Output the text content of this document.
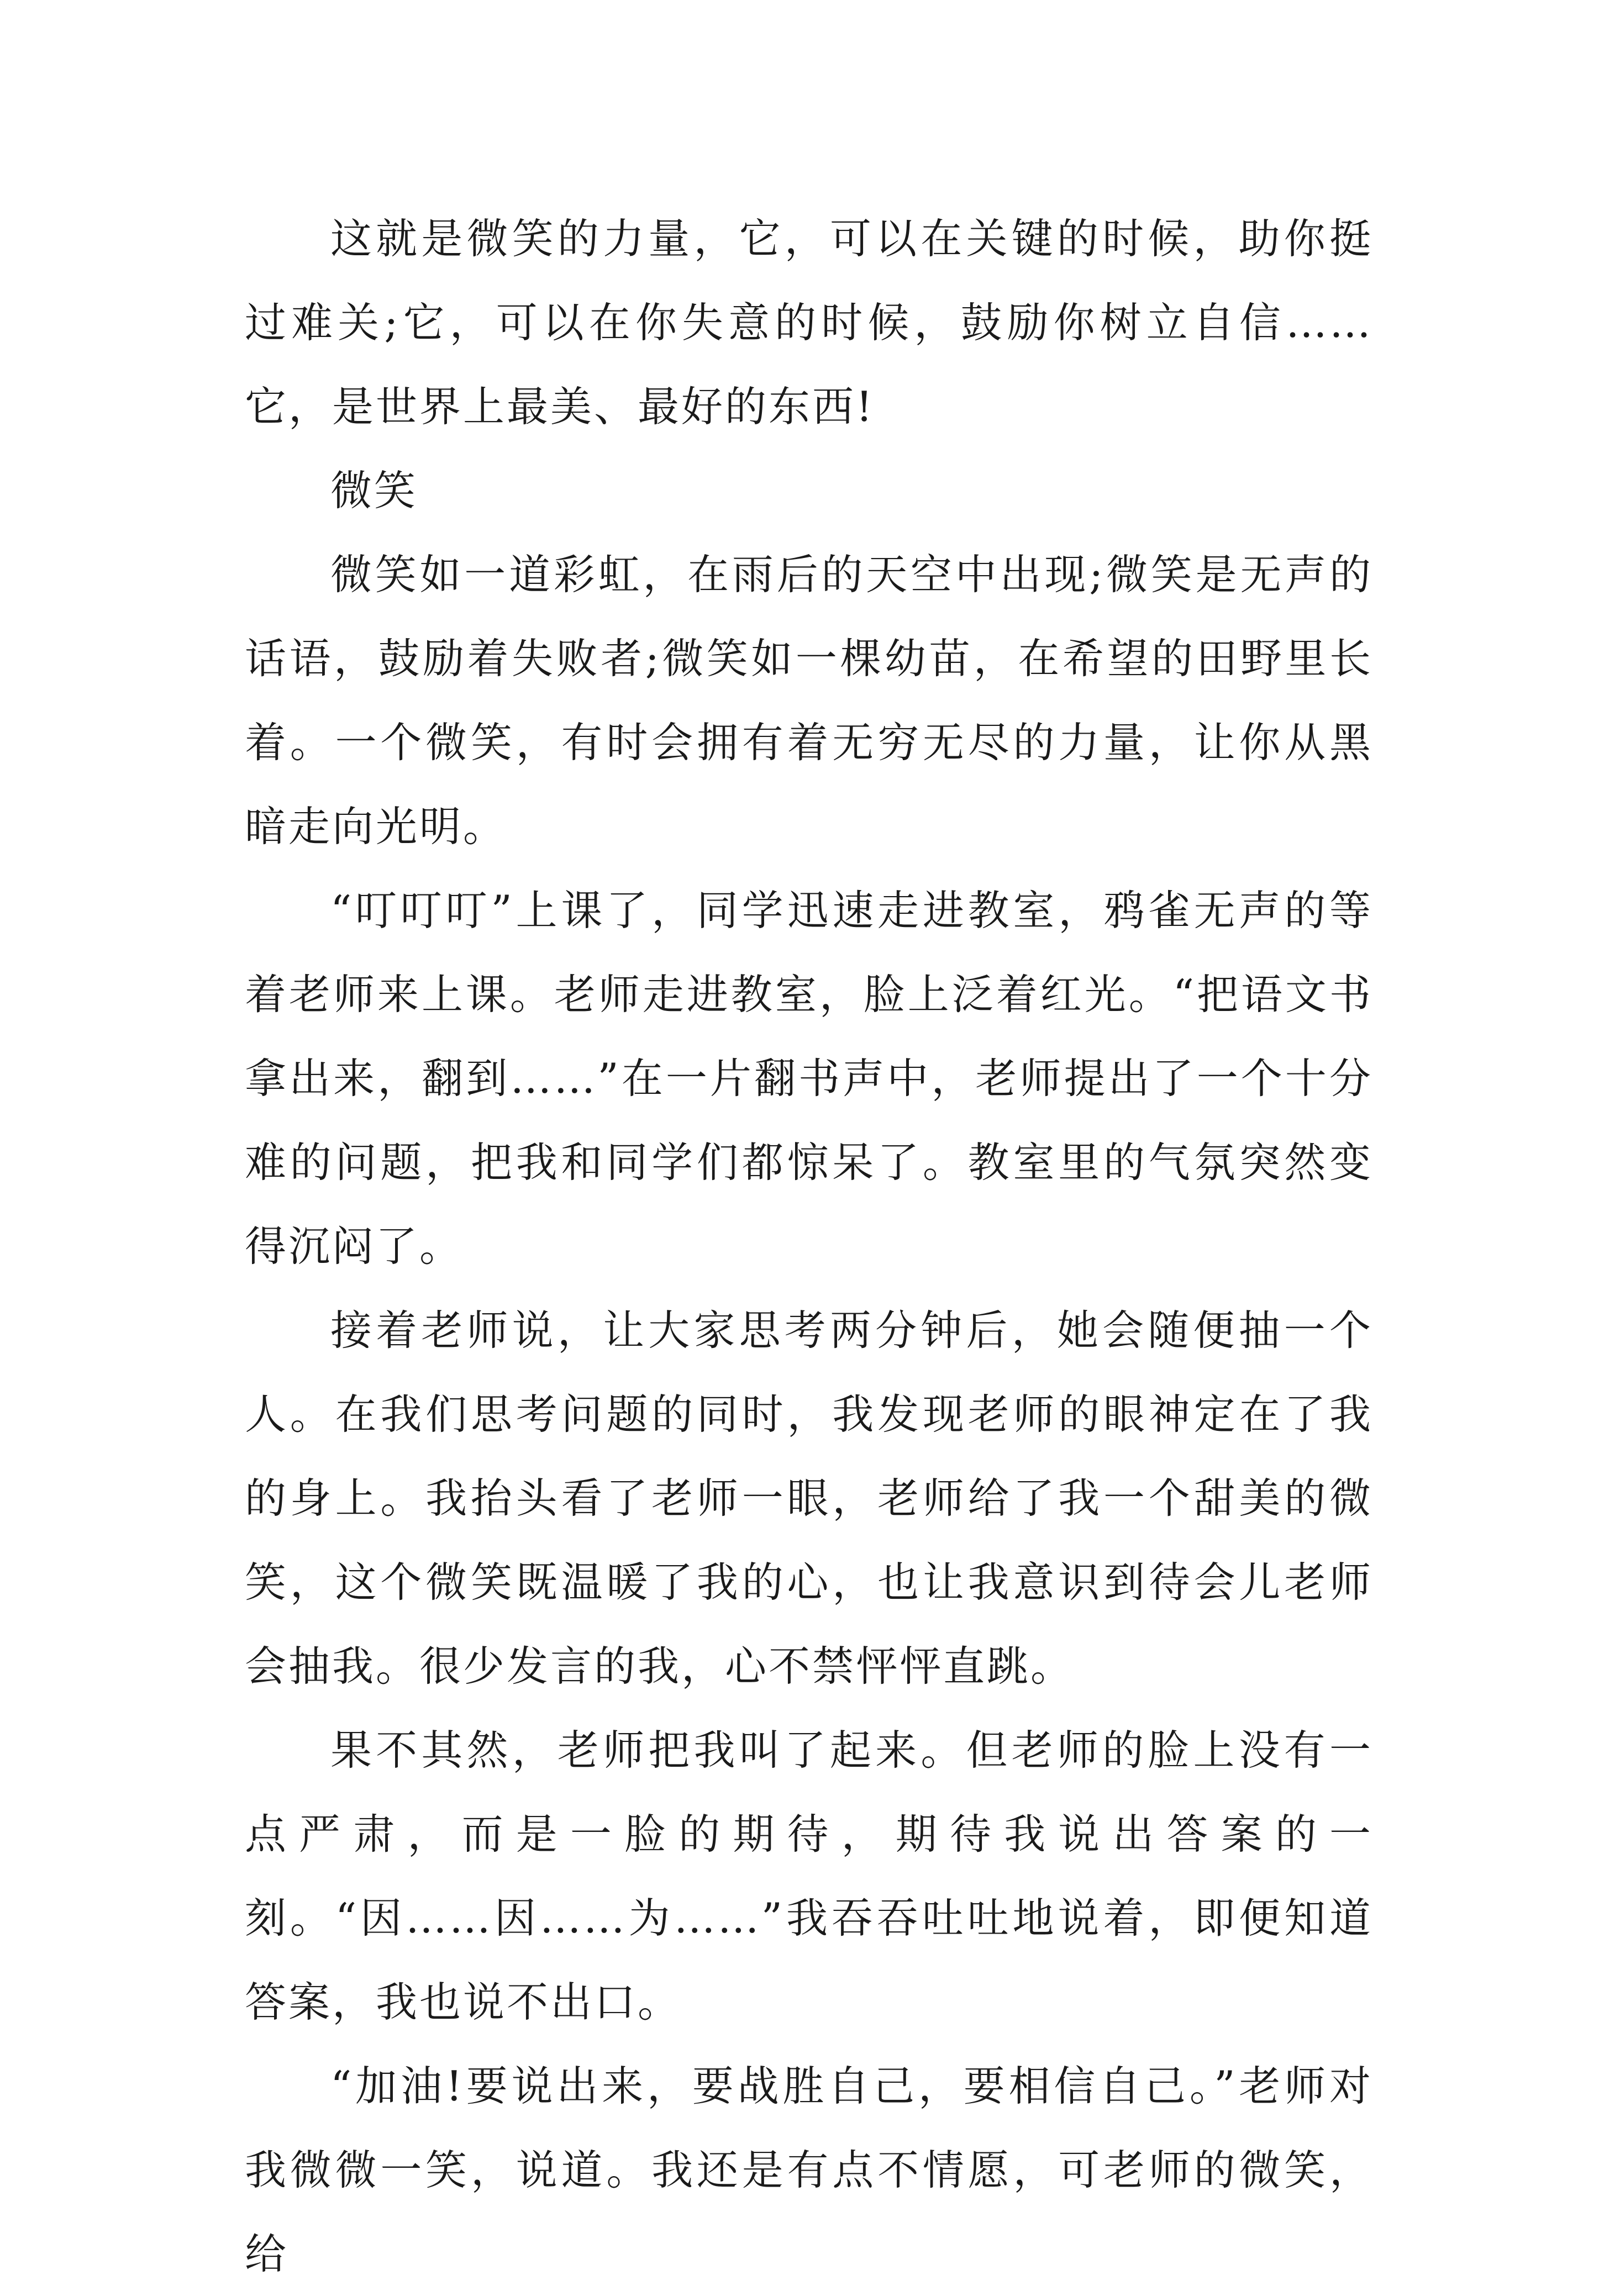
这就是微笑的力量，它，可以在关键的时候，助你挺过难关;它，可以在你失意的时候，鼓励你树立自信……它，是世界上最美、最好的东西!

微笑

微笑如一道彩虹，在雨后的天空中出现;微笑是无声的话语，鼓励着失败者;微笑如一棵幼苗，在希望的田野里长着。一个微笑，有时会拥有着无穷无尽的力量，让你从黑暗走向光明。

“叮叮叮”上课了，同学迅速走进教室，鸦雀无声的等着老师来上课。老师走进教室，脸上泛着红光。“把语文书拿出来，翻到……”在一片翻书声中，老师提出了一个十分难的问题，把我和同学们都惊呆了。教室里的气氛突然变得沉闷了。

接着老师说，让大家思考两分钟后，她会随便抽一个人。在我们思考问题的同时，我发现老师的眼神定在了我的身上。我抬头看了老师一眼，老师给了我一个甜美的微笑，这个微笑既温暖了我的心，也让我意识到待会儿老师会抽我。很少发言的我，心不禁怦怦直跳。

果不其然，老师把我叫了起来。但老师的脸上没有一点严肃，而是一脸的期待，期待我说出答案的一刻。“因……因……为……”我吞吞吐吐地说着，即便知道答案，我也说不出口。

“加油!要说出来，要战胜自己，要相信自己。”老师对我微微一笑，说道。我还是有点不情愿，可老师的微笑，给
